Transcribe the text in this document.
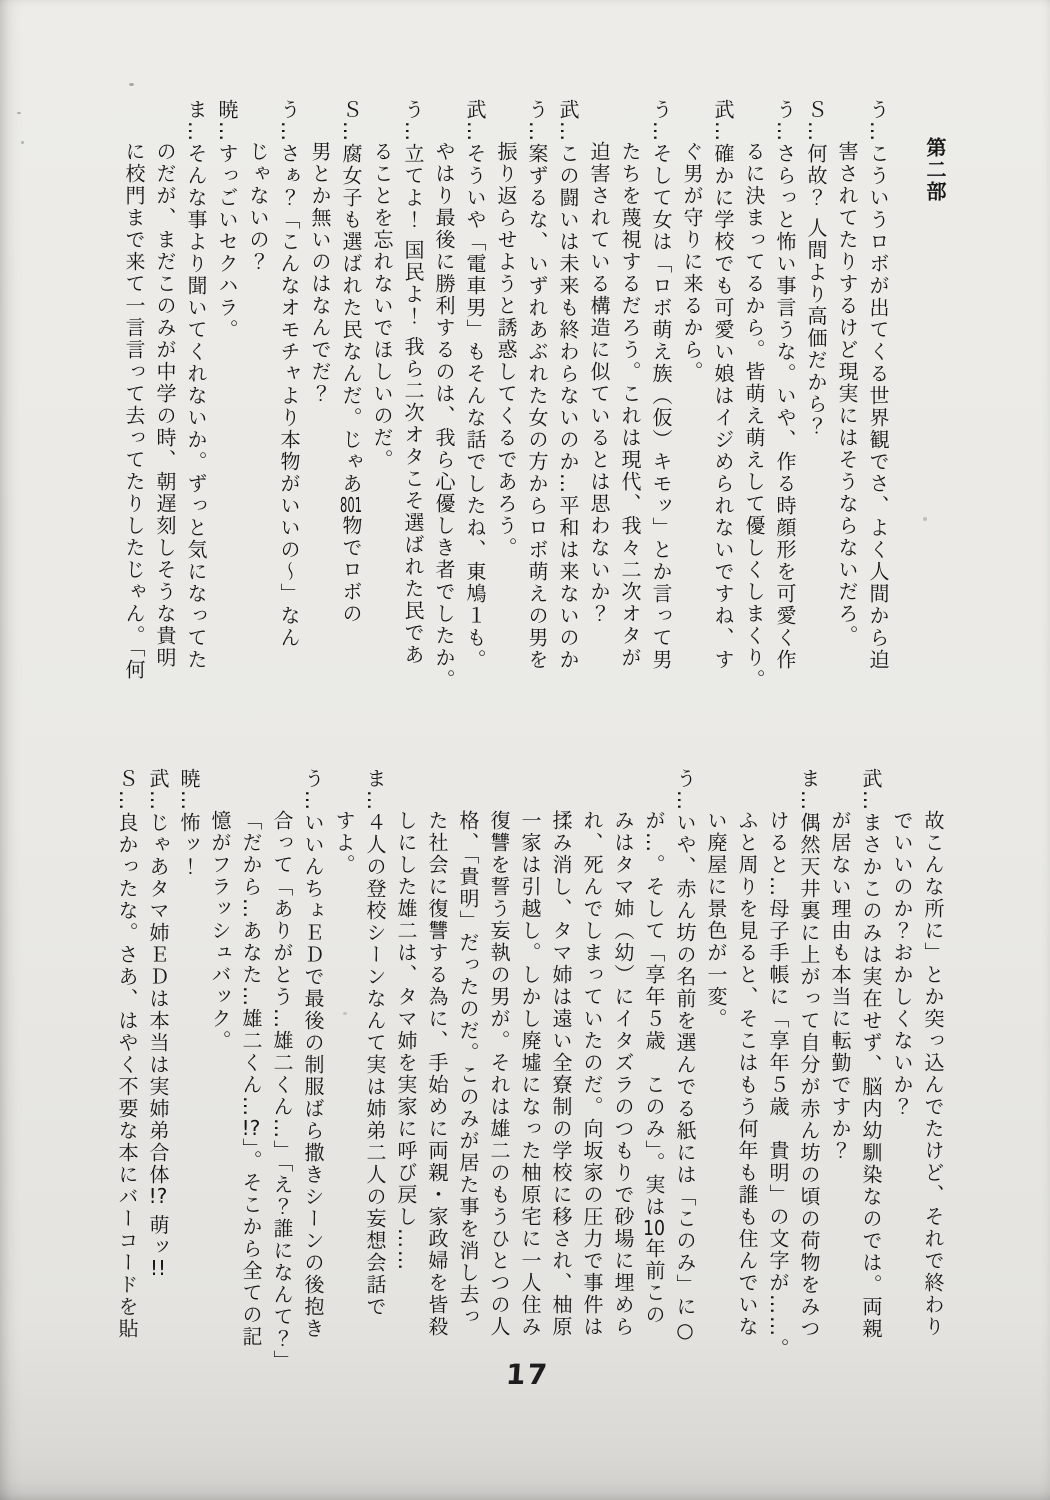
第二部
う…こういうロボが出てくる世界観でさ、よく人間から迫
害されてたりするけど現実にはそうならないだろ。
Ｓ…何故？ 人間より高価だから？
う…さらっと怖い事言うな。いや、作る時顔形を可愛く作
るに決まってるから。皆萌え萌えして優しくしまくり。
武…確かに学校でも可愛い娘はイジめられないですね、す
ぐ男が守りに来るから。
う…そして女は「ロボ萌え族（仮）キモッ」とか言って男
たちを蔑視するだろう。これは現代、我々二次オタが
迫害されている構造に似ているとは思わないか？
武…この闘いは未来も終わらないのか…平和は来ないのか
う…案ずるな、いずれあぶれた女の方からロボ萌えの男を
振り返らせようと誘惑してくるであろう。
武…そういや「電車男」もそんな話でしたね、東鳩１も。
やはり最後に勝利するのは、我ら心優しき者でしたか。
う…立てよ！ 国民よ！ 我ら二次オタこそ選ばれた民であ
ることを忘れないでほしいのだ。
Ｓ…腐女子も選ばれた民なんだ。じゃあ801物でロボの
男とか無いのはなんでだ？
う…さぁ？「こんなオモチャより本物がいいの～」なん
じゃないの？
暁…すっごいセクハラ。
ま…そんな事より聞いてくれないか。ずっと気になってた
のだが、まだこのみが中学の時、朝遅刻しそうな貴明
に校門まで来て一言言って去ってたりしたじゃん。「何
故こんな所に」とか突っ込んでたけど、それで終わり
でいいのか？おかしくないか？
武…まさかこのみは実在せず、脳内幼馴染なのでは。両親
が居ない理由も本当に転勤ですか？
ま…偶然天井裏に上がって自分が赤ん坊の頃の荷物をみつ
けると…母子手帳に「享年５歳　貴明」の文字が……。
ふと周りを見ると、そこはもう何年も誰も住んでいな
い廃屋に景色が一変。
う…いや、赤ん坊の名前を選んでる紙には「このみ」に○
が…。そして「享年５歳　このみ」。実は10年前この
みはタマ姉（幼）にイタズラのつもりで砂場に埋めら
れ、死んでしまっていたのだ。向坂家の圧力で事件は
揉み消し、タマ姉は遠い全寮制の学校に移され、柚原
一家は引越し。しかし廃墟になった柚原宅に一人住み
復讐を誓う妄執の男が。それは雄二のもうひとつの人
格、「貴明」だったのだ。このみが居た事を消し去っ
た社会に復讐する為に、手始めに両親・家政婦を皆殺
しにした雄二は、タマ姉を実家に呼び戻し……
ま…４人の登校シーンなんて実は姉弟二人の妄想会話で
すよ。
う…いいんちょＥＤで最後の制服ばら撒きシーンの後抱き
合って「ありがとう…雄二くん…」「え？誰になんて？」
「だから…あなた…雄二くん…!?」。そこから全ての記
憶がフラッシュバック。
暁…怖ッ！
武…じゃあタマ姉ＥＤは本当は実姉弟合体!? 萌ッ!!
Ｓ…良かったな。さあ、はやく不要な本にバーコードを貼
17
